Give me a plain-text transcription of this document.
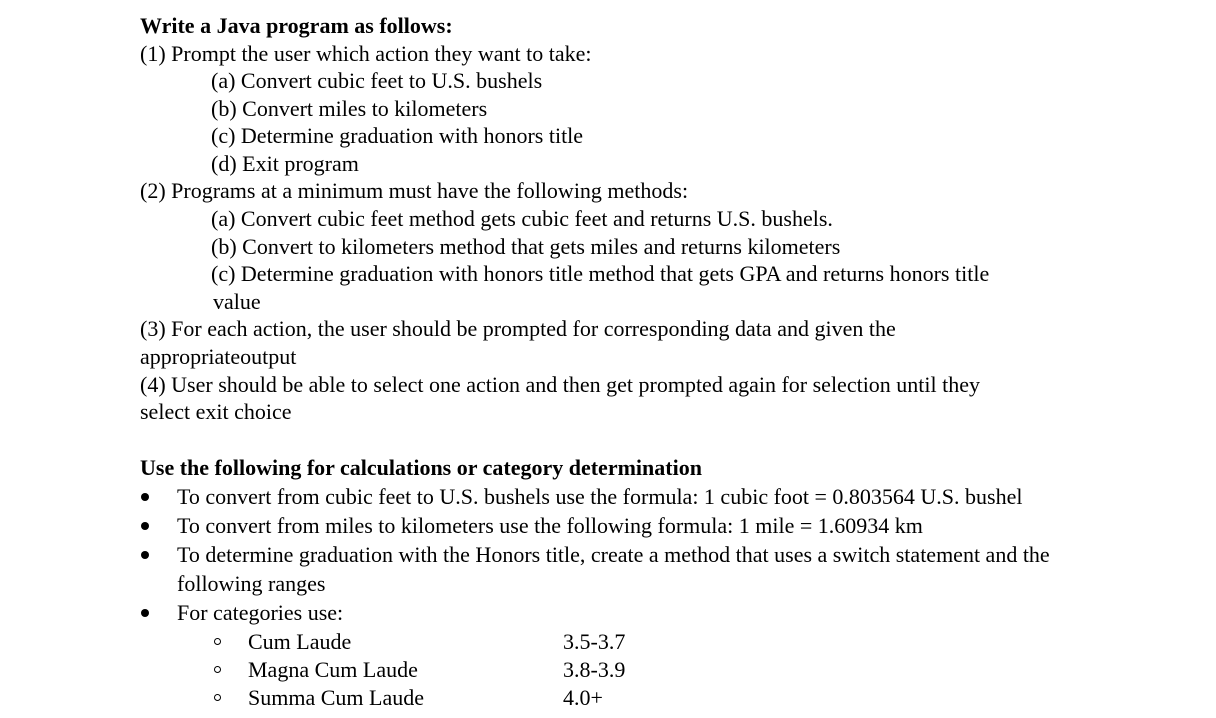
Write a Java program as follows:
(1) Prompt the user which action they want to take:
(a) Convert cubic feet to U.S. bushels
(b) Convert miles to kilometers
(c) Determine graduation with honors title
(d) Exit program
(2) Programs at a minimum must have the following methods:
(a) Convert cubic feet method gets cubic feet and returns U.S. bushels.
(b) Convert to kilometers method that gets miles and returns kilometers
(c) Determine graduation with honors title method that gets GPA and returns honors title
value
(3) For each action, the user should be prompted for corresponding data and given the
appropriateoutput
(4) User should be able to select one action and then get prompted again for selection until they
select exit choice
Use the following for calculations or category determination
To convert from cubic feet to U.S. bushels use the formula: 1 cubic foot = 0.803564 U.S. bushel
To convert from miles to kilometers use the following formula: 1 mile = 1.60934 km
To determine graduation with the Honors title, create a method that uses a switch statement and the
following ranges
For categories use:
Cum Laude	3.5-3.7
Magna Cum Laude	3.8-3.9
Summa Cum Laude	4.0+
